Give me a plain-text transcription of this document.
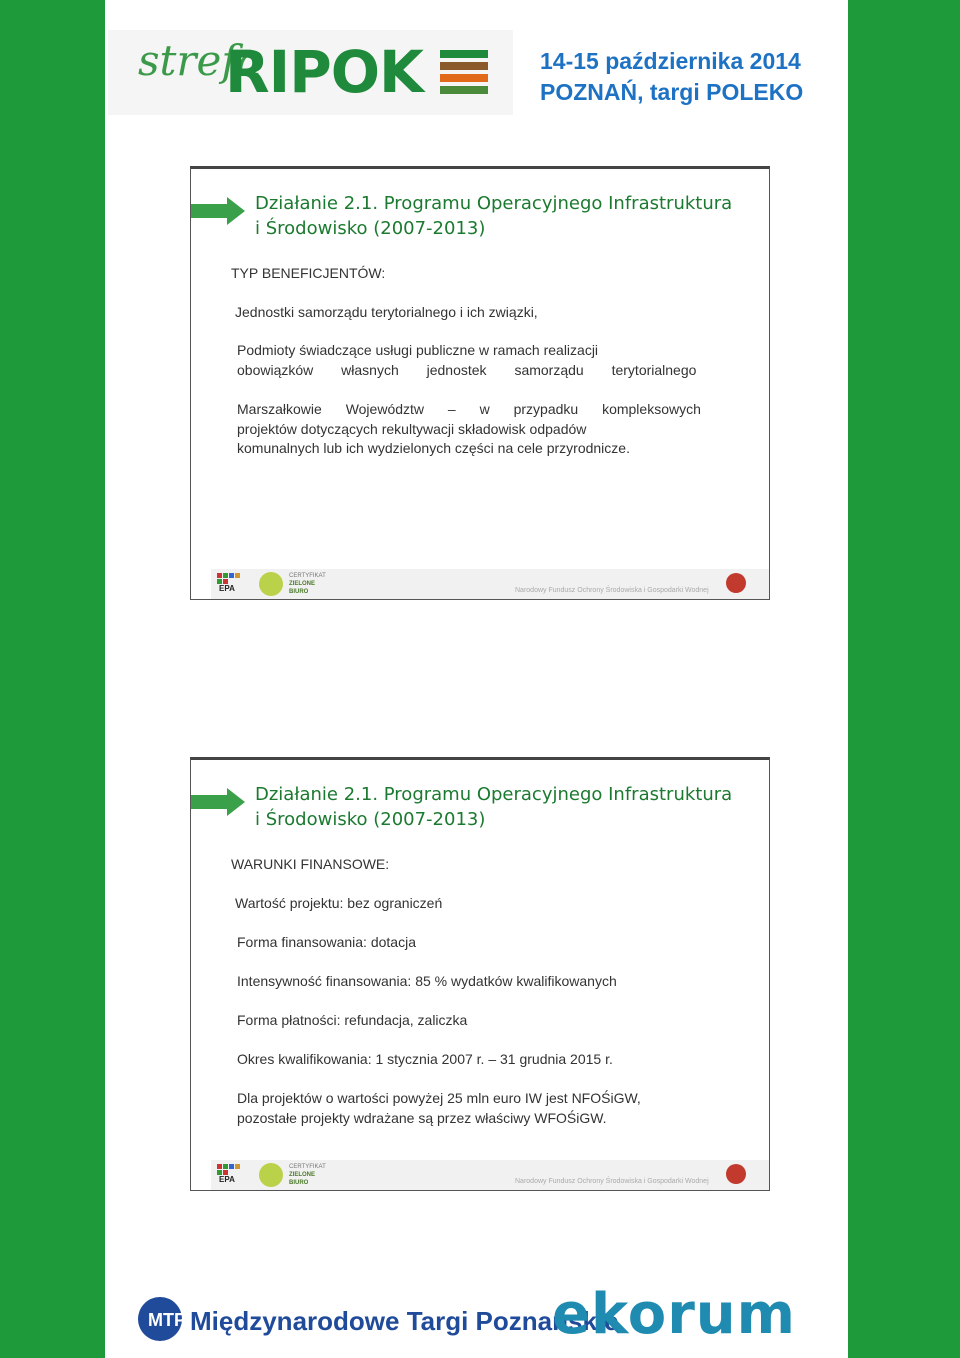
strefa
RIPOK	14-15 października 2014
POZNAŃ, targi POLEKO
Działanie 2.1. Programu Operacyjnego Infrastruktura
i Środowisko (2007-2013)
TYP BENEFICJENTÓW:
Jednostki samorządu terytorialnego i ich związki,
Podmioty świadczące usługi publiczne w ramach realizacji
obowiązków własnych jednostek samorządu terytorialnego
Marszałkowie Województw – w przypadku kompleksowych
projektów dotyczących rekultywacji składowisk odpadów
komunalnych lub ich wydzielonych części na cele przyrodnicze.
EPA
CERTYFIKAT
ZIELONE
BIURO	Narodowy Fundusz Ochrony Środowiska i Gospodarki Wodnej
Działanie 2.1. Programu Operacyjnego Infrastruktura
i Środowisko (2007-2013)
WARUNKI FINANSOWE:
Wartość projektu: bez ograniczeń
Forma finansowania: dotacja
Intensywność finansowania: 85 % wydatków kwalifikowanych
Forma płatności: refundacja, zaliczka
Okres kwalifikowania: 1 stycznia 2007 r. – 31 grudnia 2015 r.
Dla projektów o wartości powyżej 25 mln euro IW jest NFOŚiGW,
pozostałe projekty wdrażane są przez właściwy WFOŚiGW.
EPA
CERTYFIKAT
ZIELONE
BIURO	Narodowy Fundusz Ochrony Środowiska i Gospodarki Wodnej
MTP Międzynarodowe Targi Poznańskie
ekorum
